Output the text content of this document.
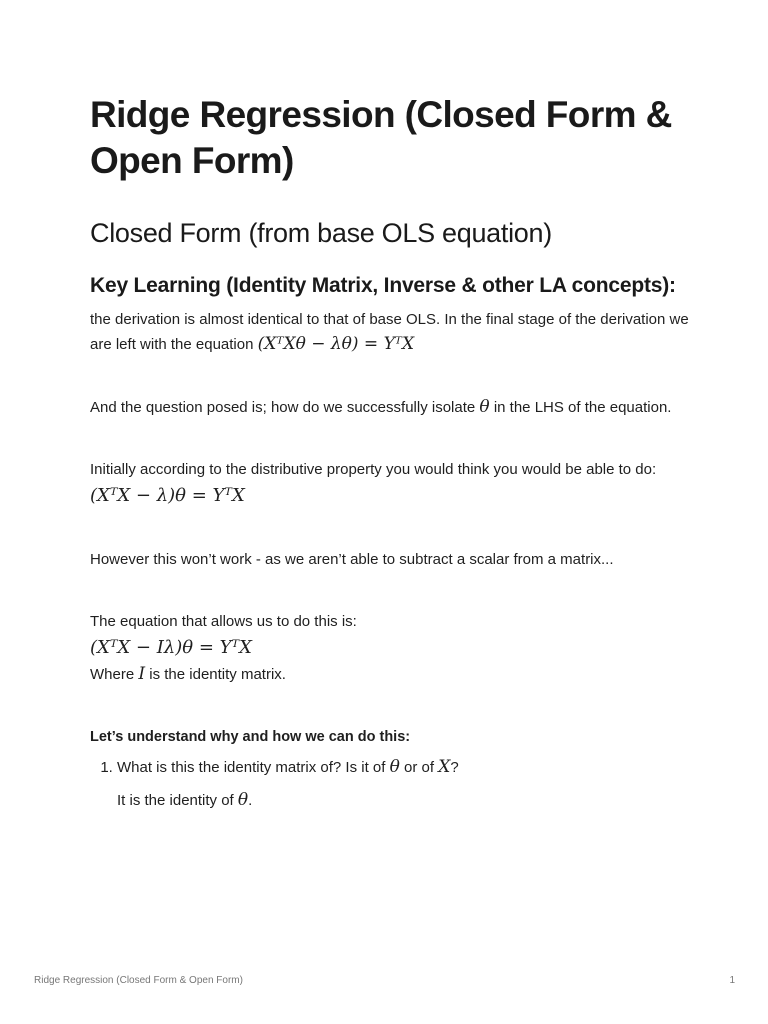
Ridge Regression (Closed Form & Open Form)
Closed Form (from base OLS equation)
Key Learning (Identity Matrix, Inverse & other LA concepts):

the derivation is almost identical to that of base OLS. In the final stage of the derivation we are left with the equation (XᵀXθ − λθ) = YᵀX

And the question posed is; how do we successfully isolate θ in the LHS of the equation.

Initially according to the distributive property you would think you would be able to do:

(XᵀX − λ)θ = YᵀX

However this won’t work - as we aren’t able to subtract a scalar from a matrix...

The equation that allows us to do this is:

(XᵀX − Iλ)θ = YᵀX

Where I is the identity matrix.

Let’s understand why and how we can do this:

1. What is this the identity matrix of? Is it of θ or of X?
It is the identity of θ.
Ridge Regression (Closed Form & Open Form)	1
